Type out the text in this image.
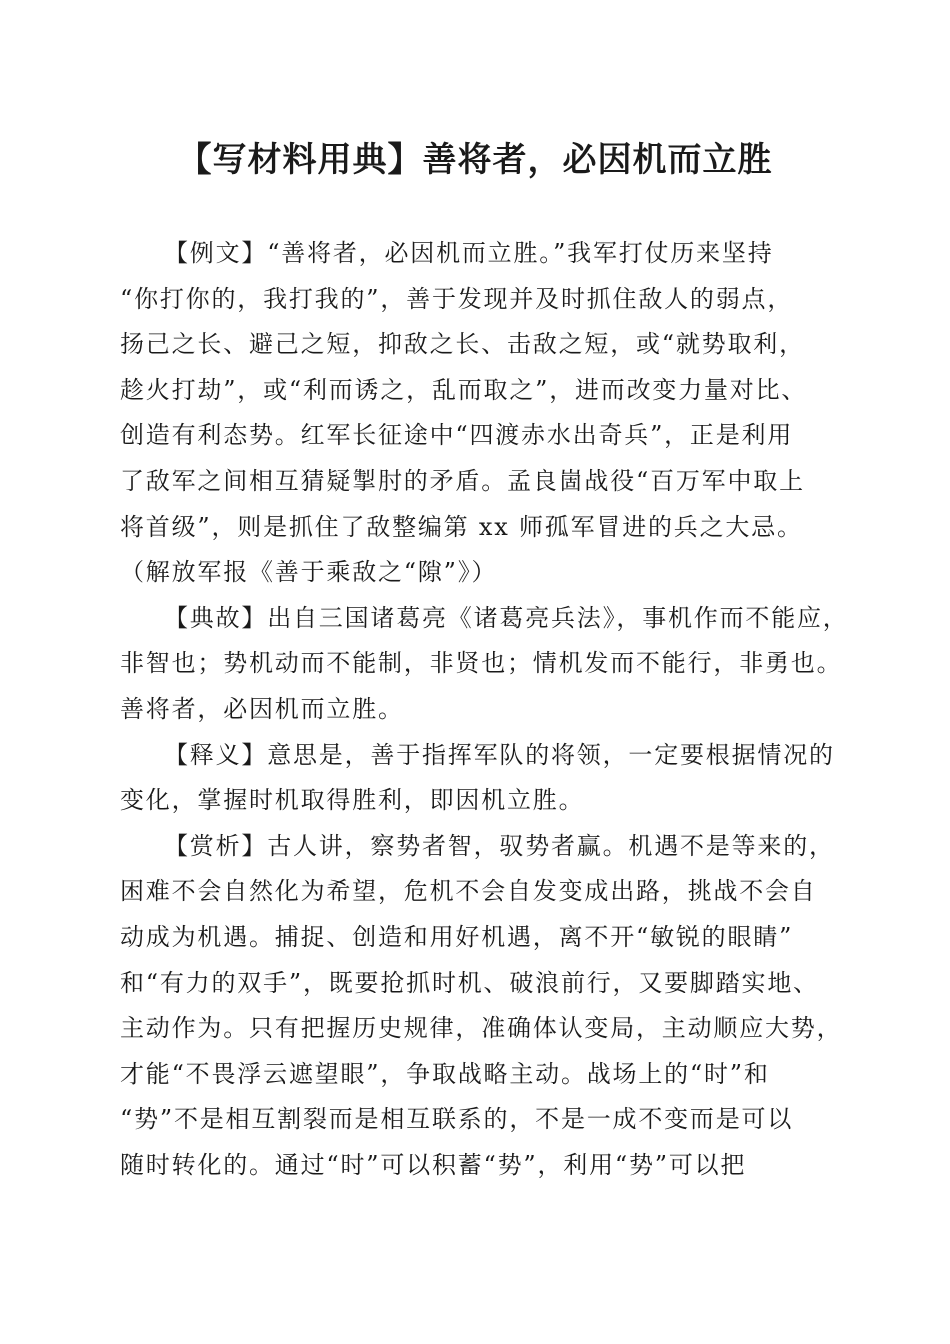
【写材料用典】善将者，必因机而立胜
【例文】“善将者，必因机而立胜。”我军打仗历来坚持
“你打你的，我打我的”，善于发现并及时抓住敌人的弱点，
扬己之长、避己之短，抑敌之长、击敌之短，或“就势取利，
趁火打劫”，或“利而诱之，乱而取之”，进而改变力量对比、
创造有利态势。红军长征途中“四渡赤水出奇兵”，正是利用
了敌军之间相互猜疑掣肘的矛盾。孟良崮战役“百万军中取上
将首级”，则是抓住了敌整编第 xx 师孤军冒进的兵之大忌。
（解放军报《善于乘敌之“隙”》）
【典故】出自三国诸葛亮《诸葛亮兵法》，事机作而不能应，
非智也；势机动而不能制，非贤也；情机发而不能行，非勇也。
善将者，必因机而立胜。
【释义】意思是，善于指挥军队的将领，一定要根据情况的
变化，掌握时机取得胜利，即因机立胜。
【赏析】古人讲，察势者智，驭势者赢。机遇不是等来的，
困难不会自然化为希望，危机不会自发变成出路，挑战不会自
动成为机遇。捕捉、创造和用好机遇，离不开“敏锐的眼睛”
和“有力的双手”，既要抢抓时机、破浪前行，又要脚踏实地、
主动作为。只有把握历史规律，准确体认变局，主动顺应大势，
才能“不畏浮云遮望眼”，争取战略主动。战场上的“时”和
“势”不是相互割裂而是相互联系的，不是一成不变而是可以
随时转化的。通过“时”可以积蓄“势”，利用“势”可以把
